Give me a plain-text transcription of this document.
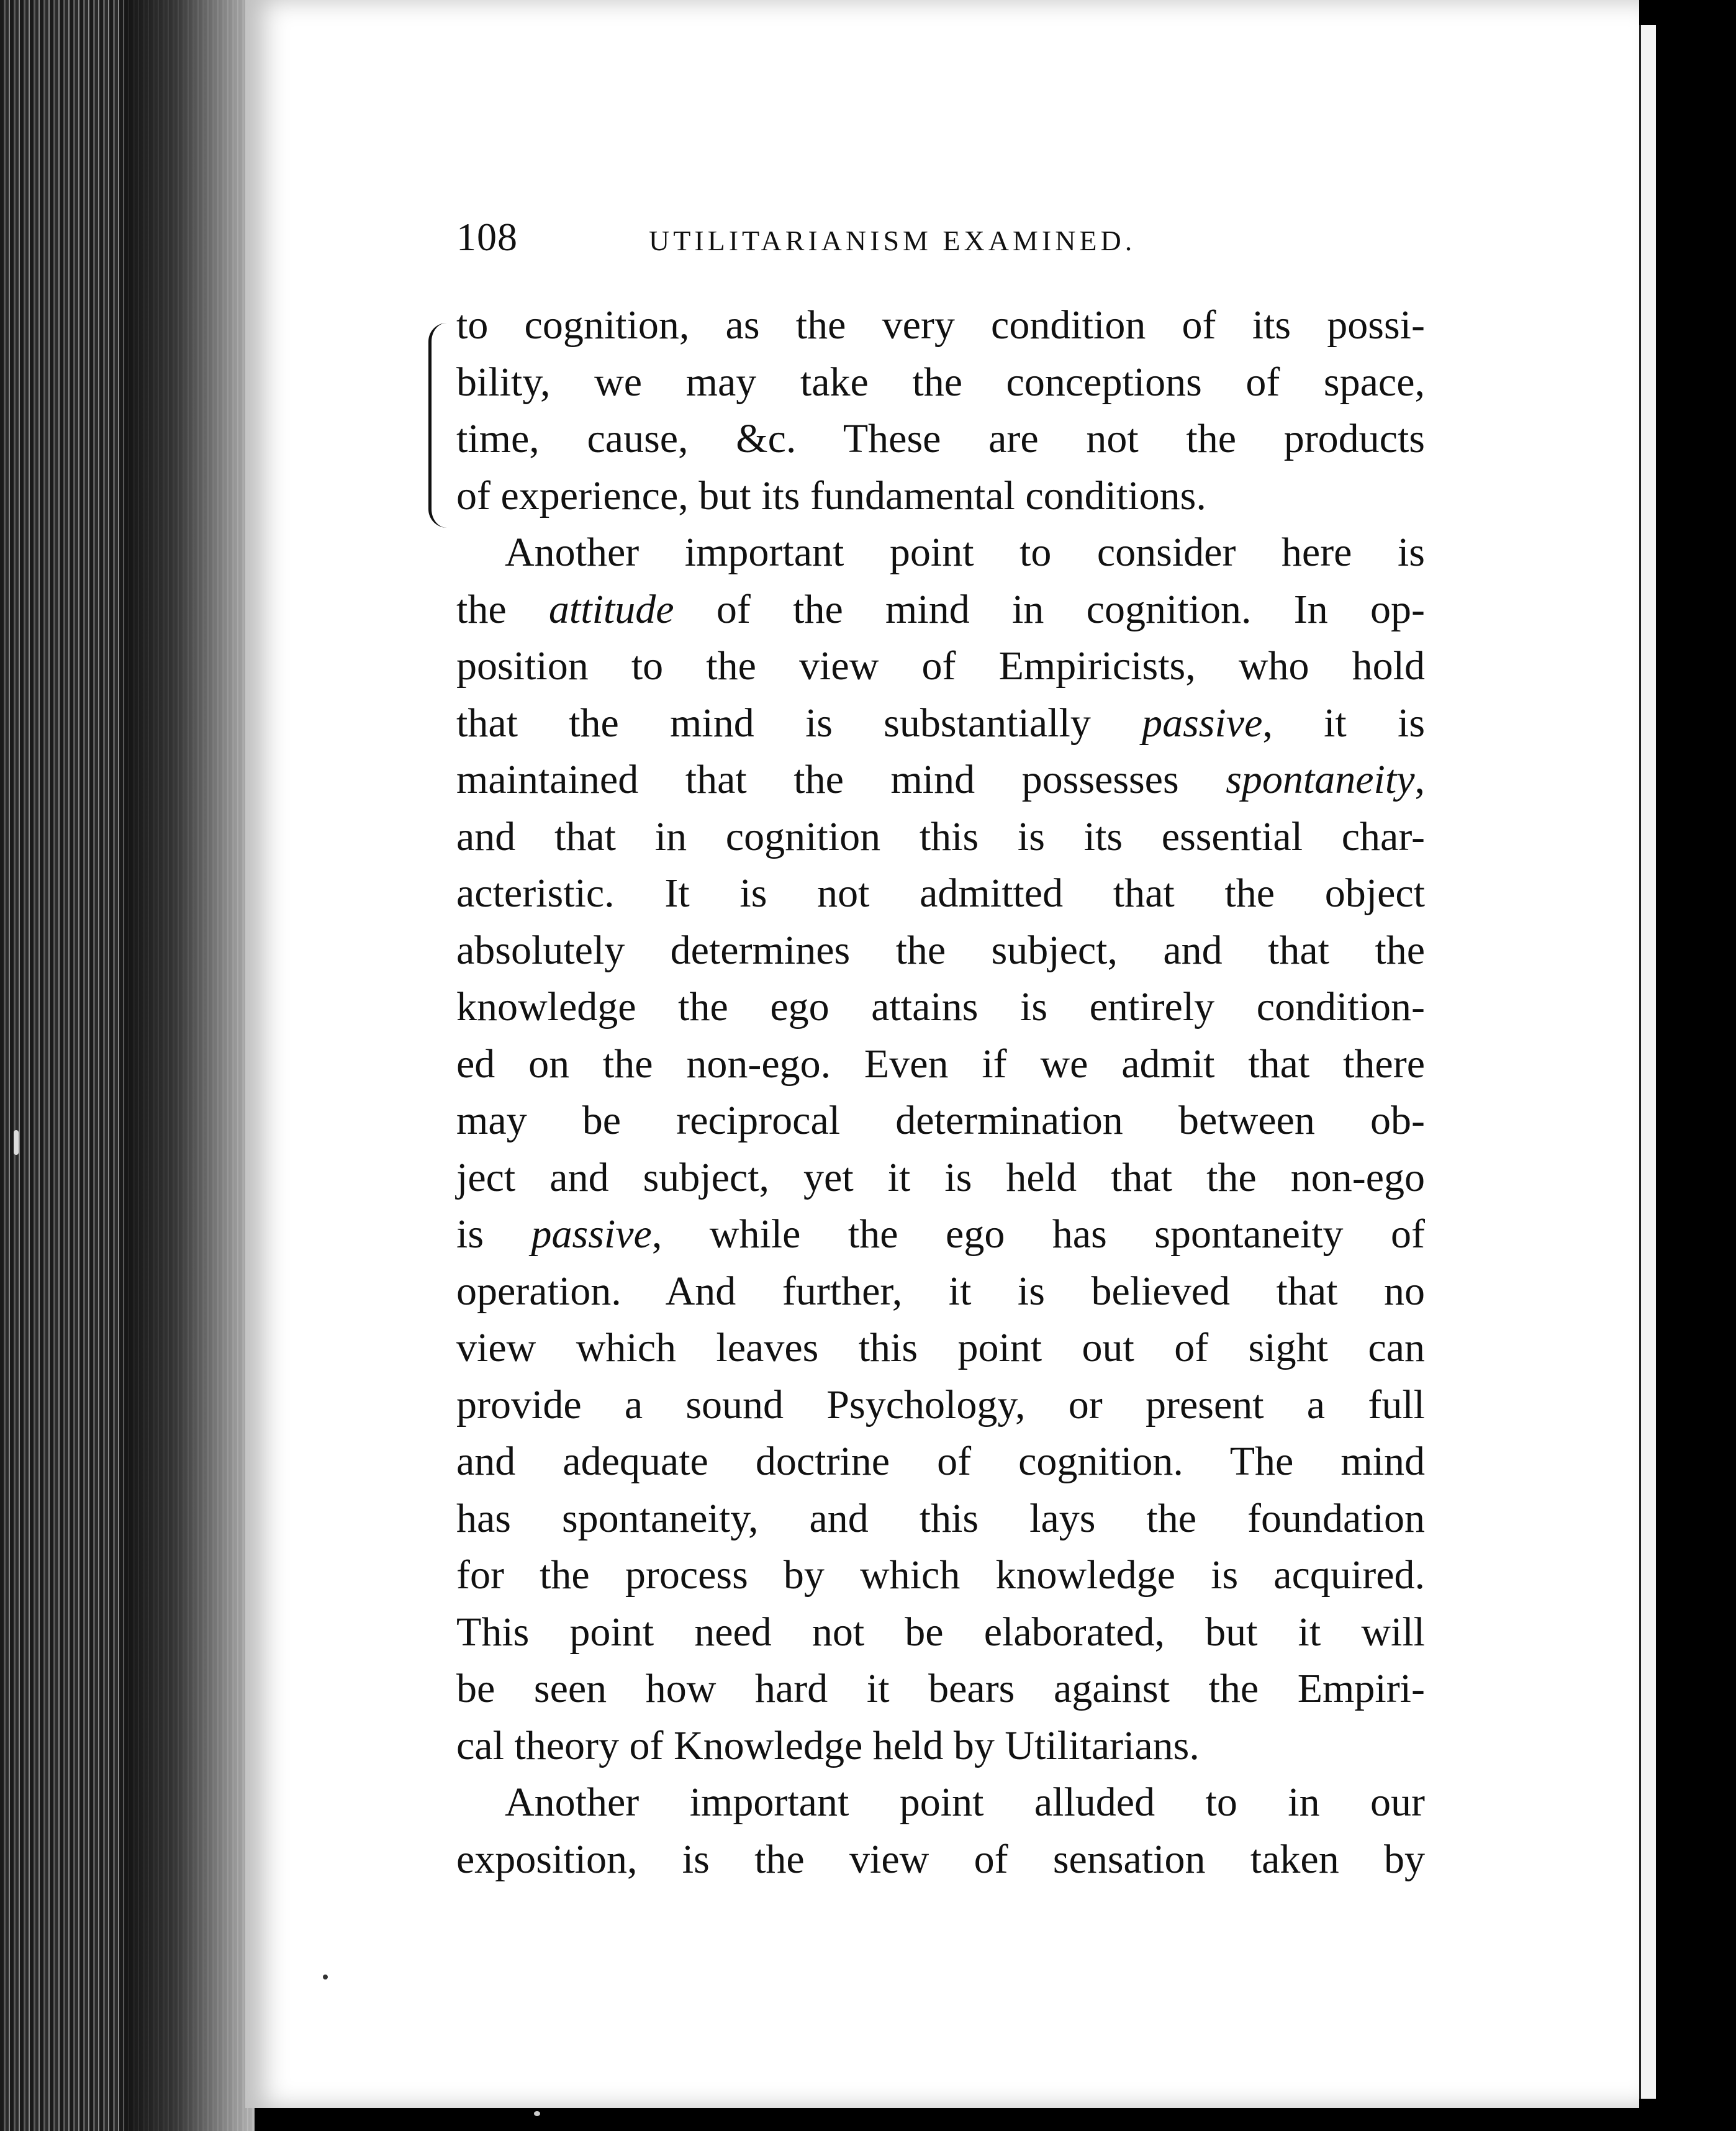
108	UTILITARIANISM EXAMINED.
to cognition, as the very condition of its possi-
bility, we may take the conceptions of space,
time, cause, &c. These are not the products
of experience, but its fundamental conditions.
Another important point to consider here is
the attitude of the mind in cognition. In op-
position to the view of Empiricists, who hold
that the mind is substantially passive, it is
maintained that the mind possesses spontaneity,
and that in cognition this is its essential char-
acteristic. It is not admitted that the object
absolutely determines the subject, and that the
knowledge the ego attains is entirely condition-
ed on the non-ego. Even if we admit that there
may be reciprocal determination between ob-
ject and subject, yet it is held that the non-ego
is passive, while the ego has spontaneity of
operation. And further, it is believed that no
view which leaves this point out of sight can
provide a sound Psychology, or present a full
and adequate doctrine of cognition. The mind
has spontaneity, and this lays the foundation
for the process by which knowledge is acquired.
This point need not be elaborated, but it will
be seen how hard it bears against the Empiri-
cal theory of Knowledge held by Utilitarians.
Another important point alluded to in our
exposition, is the view of sensation taken by
